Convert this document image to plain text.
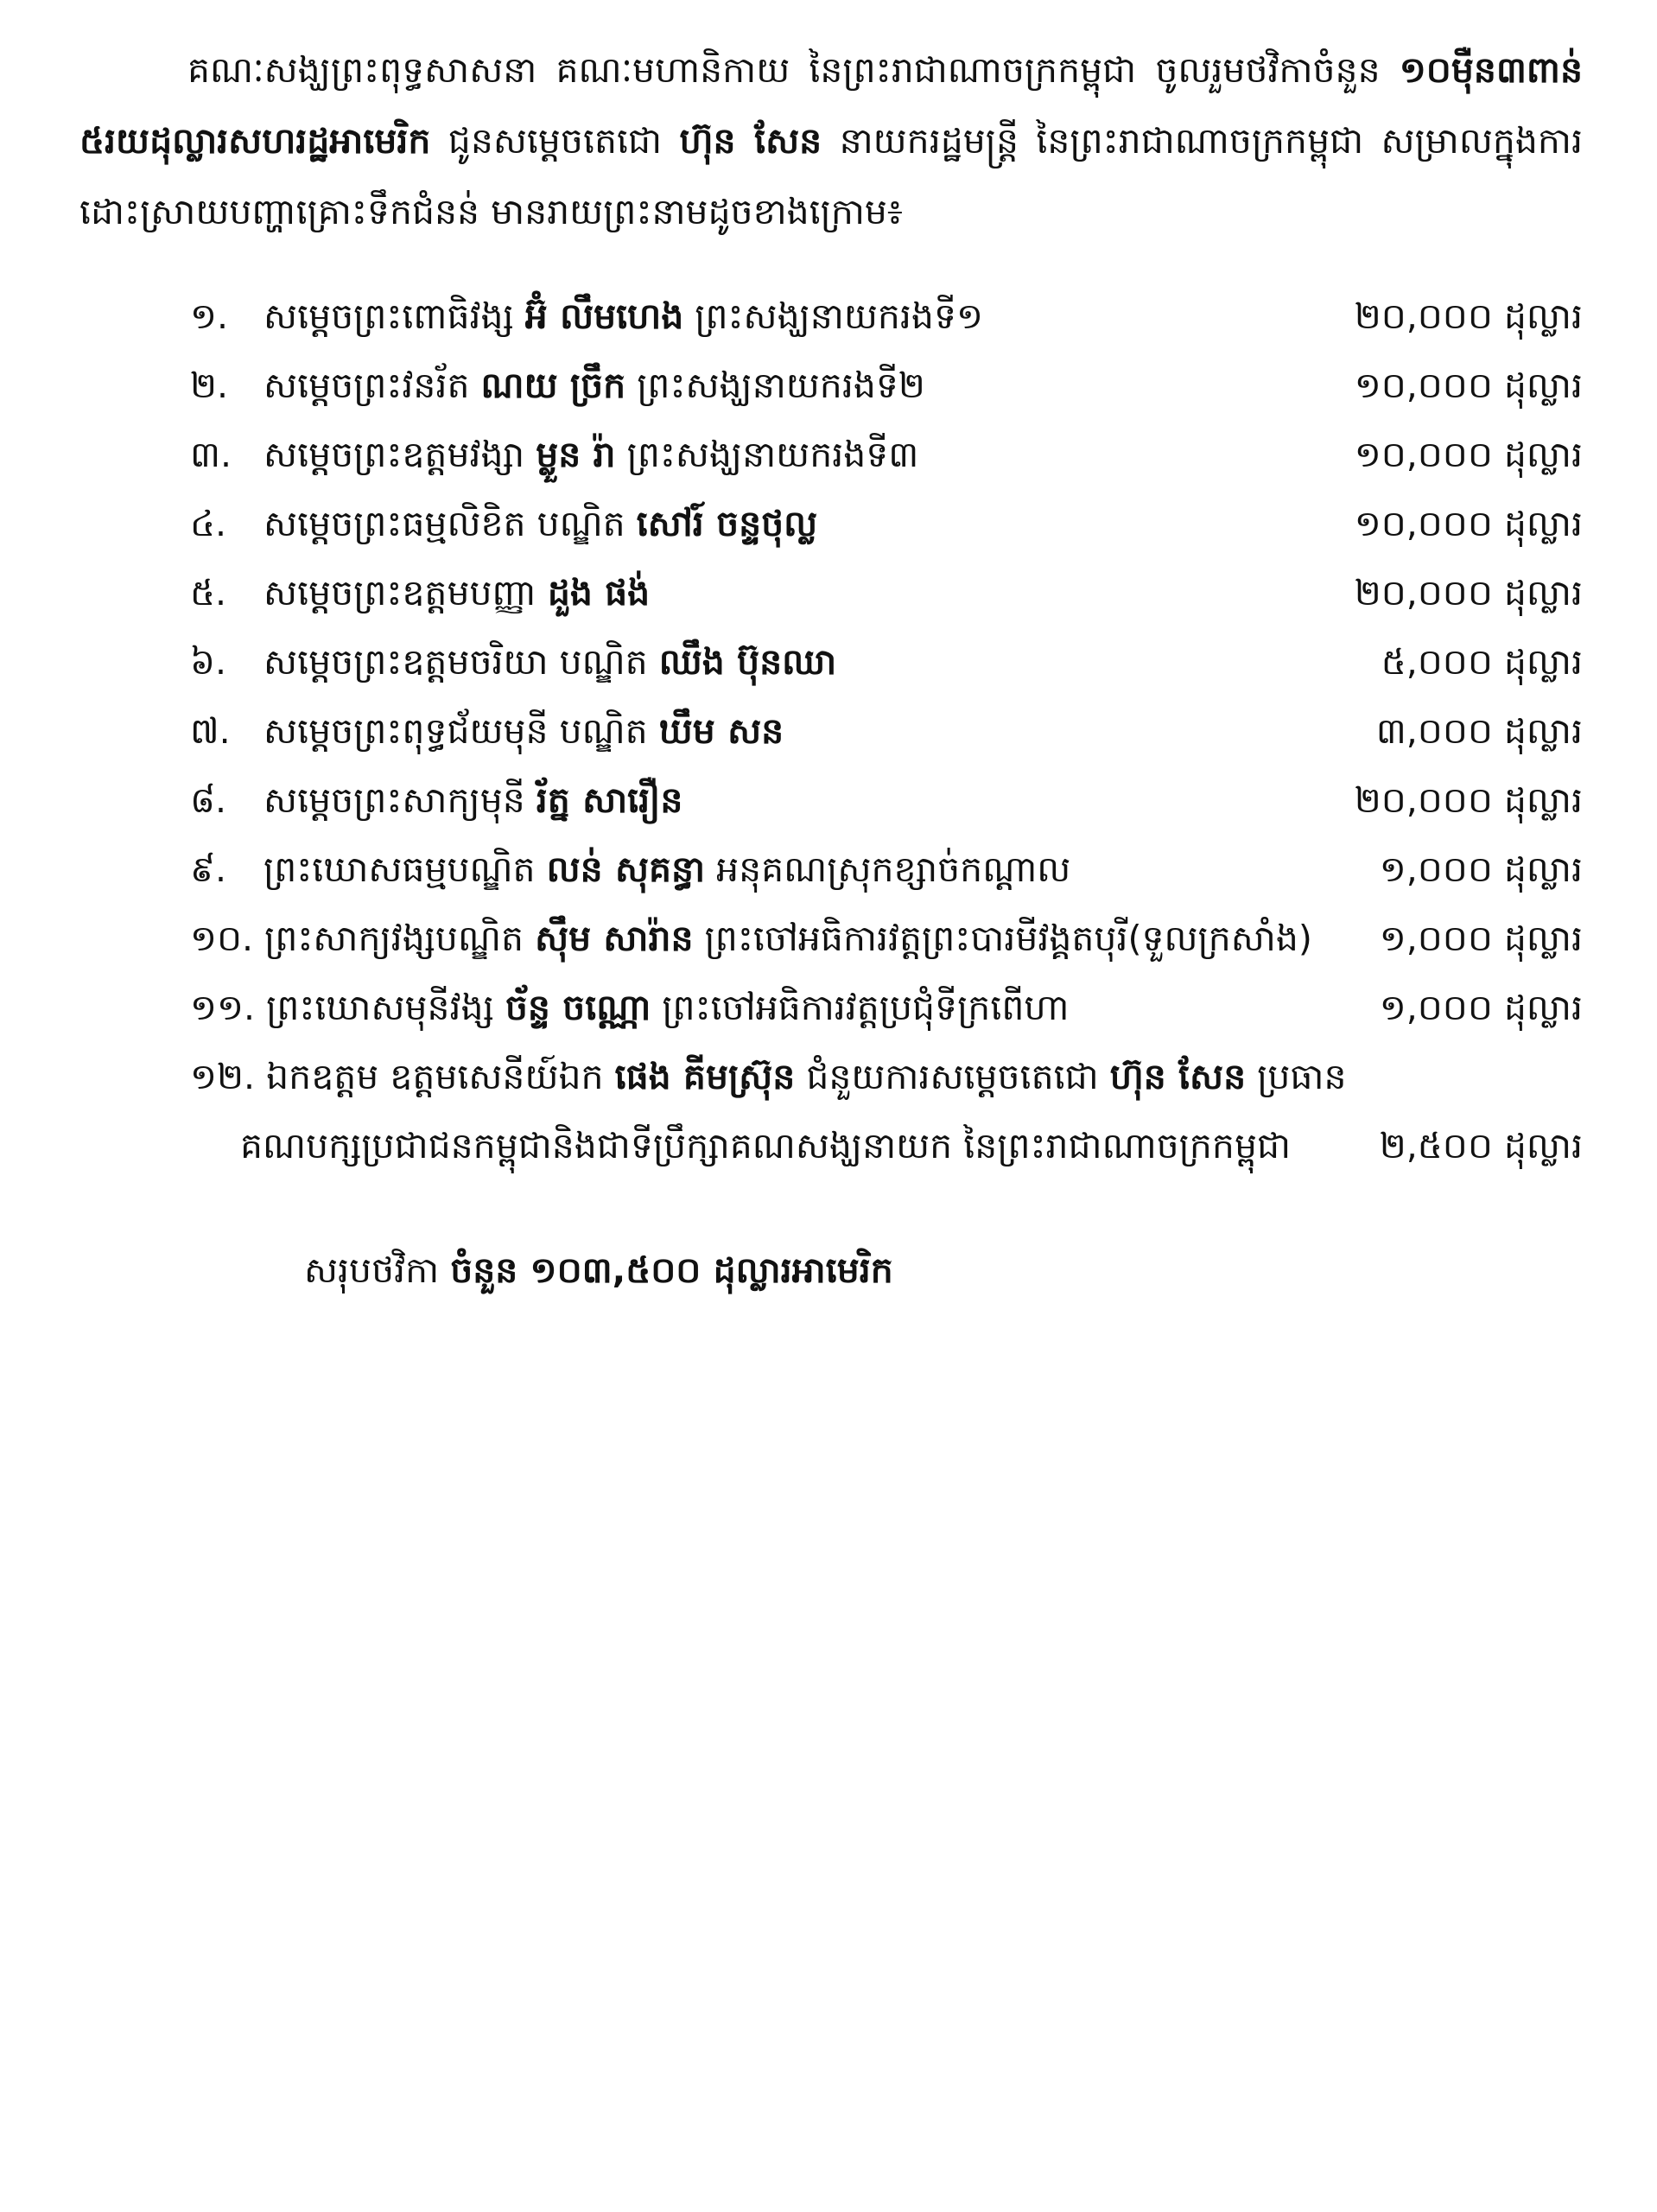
គណៈសង្ឃព្រះពុទ្ធសាសនា គណៈមហានិកាយ នៃព្រះរាជាណាចក្រកម្ពុជា ចូលរួមថវិកាចំនួន ១០ម៉ឺន៣ពាន់ ៥រយដុល្លារសហរដ្ឋអាមេរិក ជូនសម្តេចតេជោ ហ៊ុន សែន នាយករដ្ឋមន្ត្រី នៃព្រះរាជាណាចក្រកម្ពុជា សម្រាលក្នុងការដោះស្រាយបញ្ហាគ្រោះទឹកជំនន់ មានរាយព្រះនាមដូចខាងក្រោម៖
១. សម្តេចព្រះពោធិវង្ស អ៊ំ លឹមហេង ព្រះសង្ឃនាយករងទី១	២០,០០០ ដុល្លារ
២. សម្តេចព្រះវនរ័ត ណយ ច្រឹក ព្រះសង្ឃនាយករងទី២	១០,០០០ ដុល្លារ
៣. សម្តេចព្រះឧត្តមវង្សា ម្លួន រ៉ា ព្រះសង្ឃនាយករងទី៣	១០,០០០ ដុល្លារ
៤. សម្តេចព្រះធម្មលិខិត បណ្ឌិត សៅរ៍ ចន្ទថុល្ល	១០,០០០ ដុល្លារ
៥. សម្តេចព្រះឧត្តមបញ្ញា ដួង ផង់	២០,០០០ ដុល្លារ
៦. សម្តេចព្រះឧត្តមចរិយា បណ្ឌិត ឈឹង ប៊ុនឈា	៥,០០០ ដុល្លារ
៧. សម្តេចព្រះពុទ្ធជ័យមុនី បណ្ឌិត ឃឹម សន	៣,០០០ ដុល្លារ
៨. សម្តេចព្រះសាក្យមុនី រ័ត្ន សារឿន	២០,០០០ ដុល្លារ
៩. ព្រះឃោសធម្មបណ្ឌិត លន់ សុគន្ធា អនុគណស្រុកខ្សាច់កណ្តាល	១,០០០ ដុល្លារ
១០. ព្រះសាក្យវង្សបណ្ឌិត ស៊ឹម សារ៉ាន ព្រះចៅអធិការវត្តព្រះបារមីវង្គតបុរី(ទួលក្រសាំង) ១,០០០ ដុល្លារ
១១. ព្រះឃោសមុនីវង្ស ច័ន្ទ ចណ្ណោ ព្រះចៅអធិការវត្តប្រជុំទីក្រពើហា	១,០០០ ដុល្លារ
១២. ឯកឧត្តម ឧត្តមសេនីយ៍ឯក ផេង គីមស៊្រុន ជំនួយការសម្តេចតេជោ ហ៊ុន សែន ប្រធាន
គណបក្សប្រជាជនកម្ពុជានិងជាទីប្រឹក្សាគណសង្ឃនាយក នៃព្រះរាជាណាចក្រកម្ពុជា	២,៥០០ ដុល្លារ
សរុបថវិកា ចំនួន ១០៣,៥០០ ដុល្លារអាមេរិក
